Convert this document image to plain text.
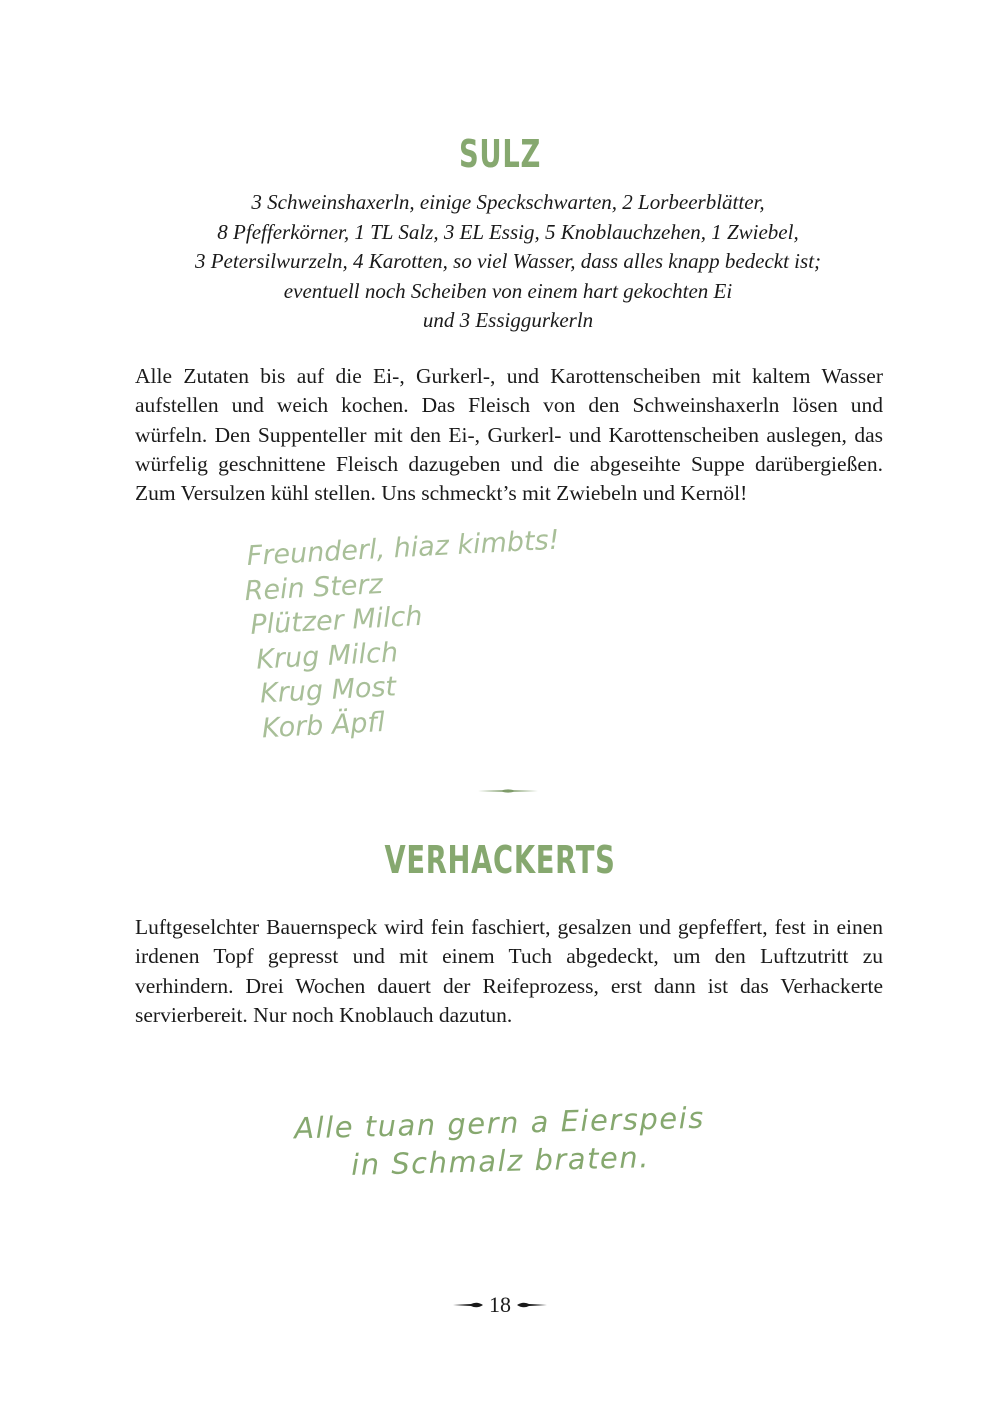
SULZ
3 Schweinshaxerln, einige Speckschwarten, 2 Lorbeerblätter,
8 Pfefferkörner, 1 TL Salz, 3 EL Essig, 5 Knoblauchzehen, 1 Zwiebel,
3 Petersilwurzeln, 4 Karotten, so viel Wasser, dass alles knapp bedeckt ist;
eventuell noch Scheiben von einem hart gekochten Ei
und 3 Essiggurkerln
Alle Zutaten bis auf die Ei-, Gurkerl-, und Karottenscheiben mit kaltem Wasser aufstellen und weich kochen. Das Fleisch von den Schweinshaxerln lösen und würfeln. Den Suppenteller mit den Ei-, Gurkerl- und Karottenscheiben auslegen, das würfelig geschnittene Fleisch dazugeben und die abgeseihte Suppe darübergießen. Zum Versulzen kühl stellen. Uns schmeckt’s mit Zwiebeln und Kernöl!
Freunderl, hiaz kimbts!
Rein Sterz
Plützer Milch
Krug Milch
Krug Most
Korb Äpfl
VERHACKERTS
Luftgeselchter Bauernspeck wird fein faschiert, gesalzen und gepfeffert, fest in einen irdenen Topf gepresst und mit einem Tuch abgedeckt, um den Luftzutritt zu verhindern. Drei Wochen dauert der Reifeprozess, erst dann ist das Verhackerte servierbereit. Nur noch Knoblauch dazutun.
Alle tuan gern a Eierspeis
in Schmalz braten.
18
